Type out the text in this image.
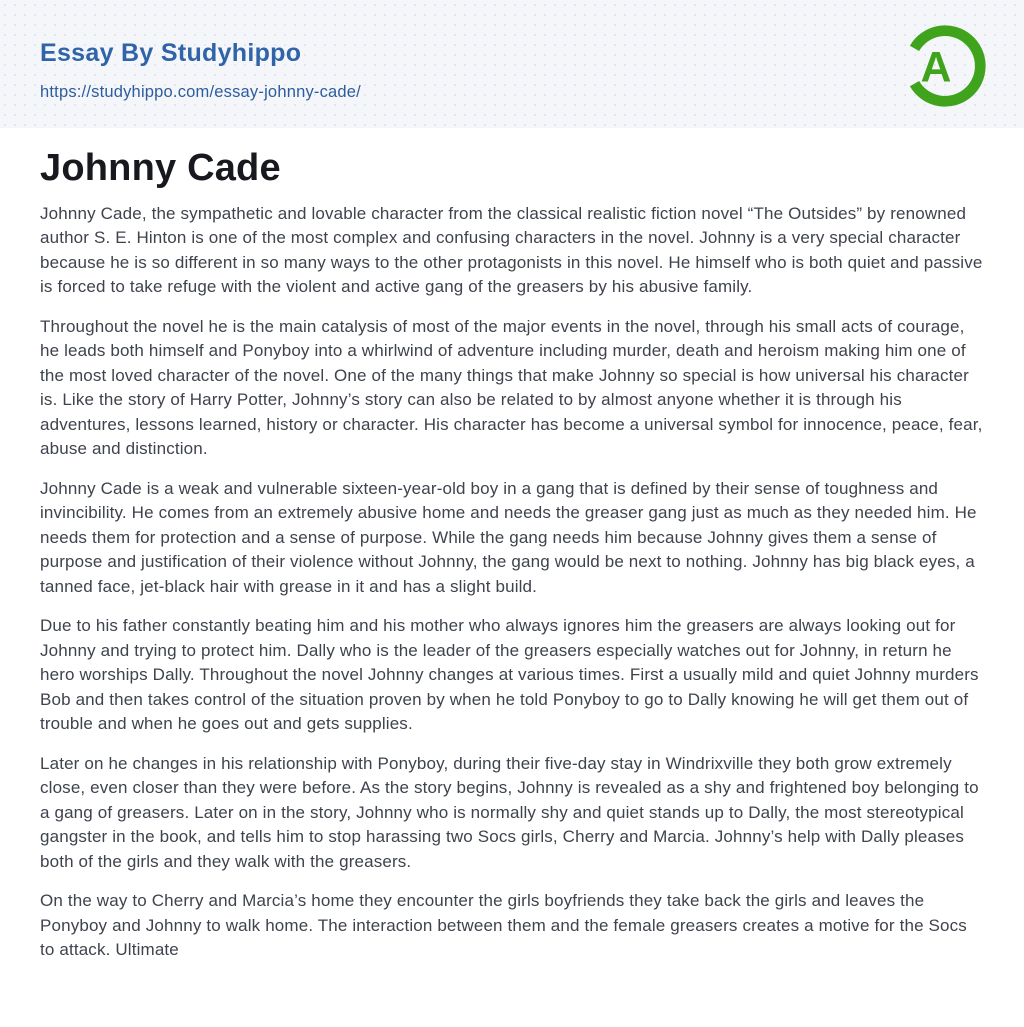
Essay By Studyhippo
https://studyhippo.com/essay-johnny-cade/	A
Johnny Cade

Johnny Cade, the sympathetic and lovable character from the classical realistic fiction novel “The Outsides” by renowned author S. E. Hinton is one of the most complex and confusing characters in the novel. Johnny is a very special character because he is so different in so many ways to the other protagonists in this novel. He himself who is both quiet and passive is forced to take refuge with the violent and active gang of the greasers by his abusive family.

Throughout the novel he is the main catalysis of most of the major events in the novel, through his small acts of courage, he leads both himself and Ponyboy into a whirlwind of adventure including murder, death and heroism making him one of the most loved character of the novel. One of the many things that make Johnny so special is how universal his character is. Like the story of Harry Potter, Johnny’s story can also be related to by almost anyone whether it is through his adventures, lessons learned, history or character. His character has become a universal symbol for innocence, peace, fear, abuse and distinction.

Johnny Cade is a weak and vulnerable sixteen-year-old boy in a gang that is defined by their sense of toughness and invincibility. He comes from an extremely abusive home and needs the greaser gang just as much as they needed him. He needs them for protection and a sense of purpose. While the gang needs him because Johnny gives them a sense of purpose and justification of their violence without Johnny, the gang would be next to nothing. Johnny has big black eyes, a tanned face, jet-black hair with grease in it and has a slight build.

Due to his father constantly beating him and his mother who always ignores him the greasers are always looking out for Johnny and trying to protect him. Dally who is the leader of the greasers especially watches out for Johnny, in return he hero worships Dally. Throughout the novel Johnny changes at various times. First a usually mild and quiet Johnny murders Bob and then takes control of the situation proven by when he told Ponyboy to go to Dally knowing he will get them out of trouble and when he goes out and gets supplies.

Later on he changes in his relationship with Ponyboy, during their five-day stay in Windrixville they both grow extremely close, even closer than they were before. As the story begins, Johnny is revealed as a shy and frightened boy belonging to a gang of greasers. Later on in the story, Johnny who is normally shy and quiet stands up to Dally, the most stereotypical gangster in the book, and tells him to stop harassing two Socs girls, Cherry and Marcia. Johnny’s help with Dally pleases both of the girls and they walk with the greasers.

On the way to Cherry and Marcia’s home they encounter the girls boyfriends they take back the girls and leaves the Ponyboy and Johnny to walk home. The interaction between them and the female greasers creates a motive for the Socs to attack. Ultimate
